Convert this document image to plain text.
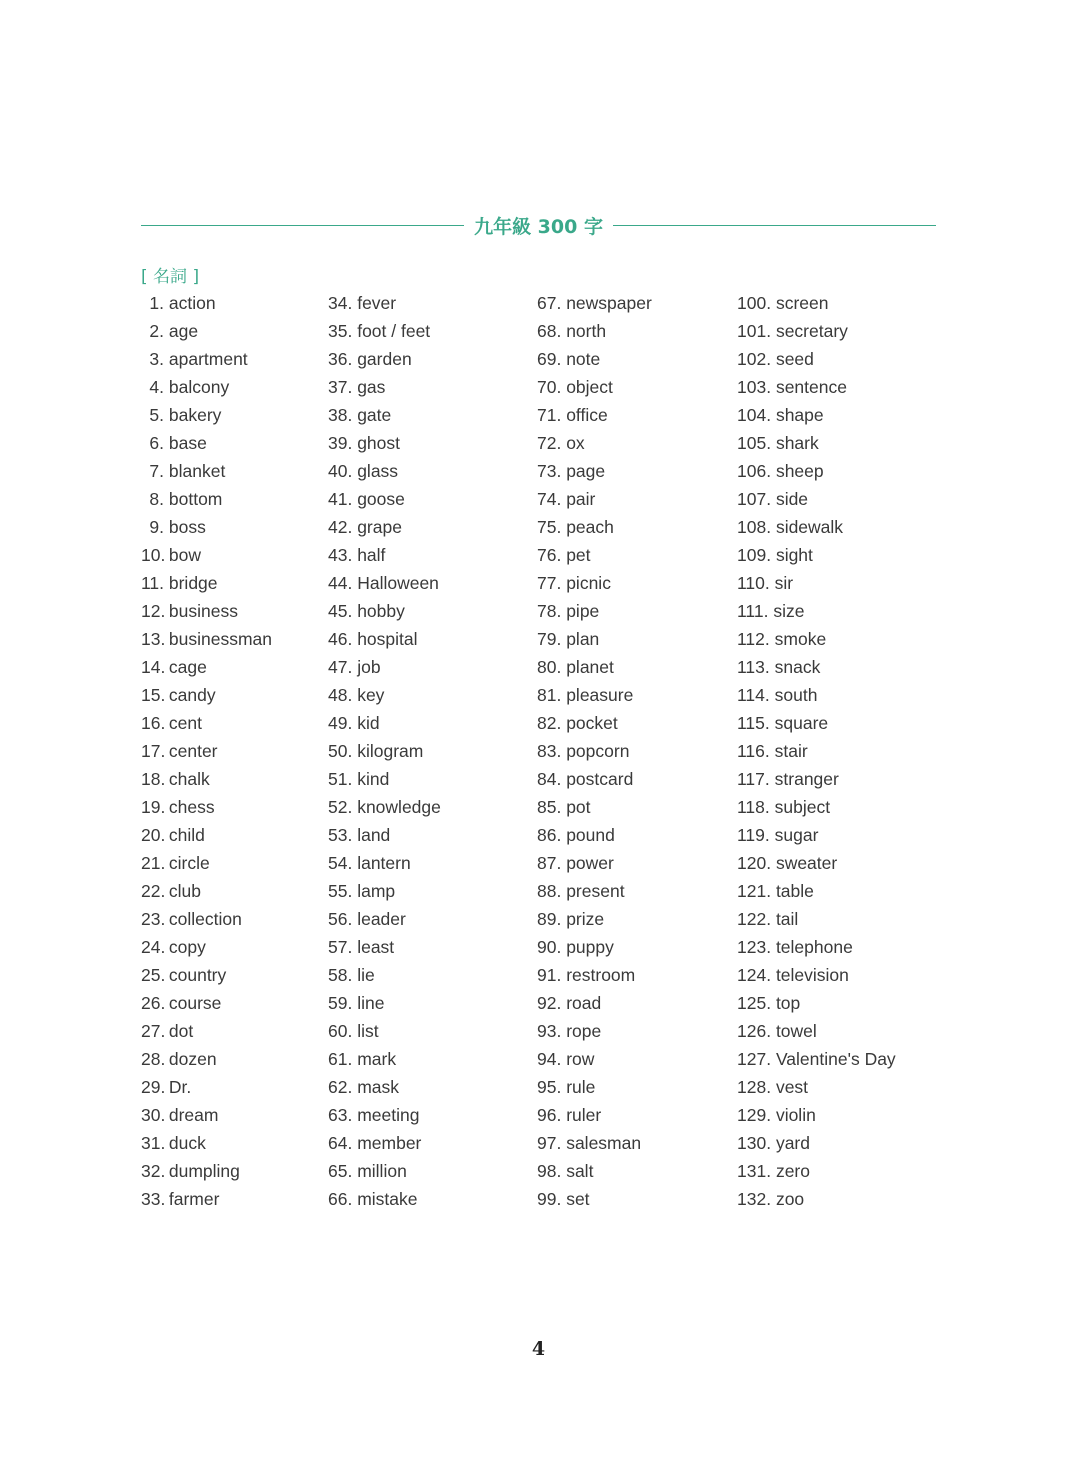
九年級 300 字
[ 名詞 ]
1. action
2. age
3. apartment
4. balcony
5. bakery
6. base
7. blanket
8. bottom
9. boss
10. bow
11. bridge
12. business
13. businessman
14. cage
15. candy
16. cent
17. center
18. chalk
19. chess
20. child
21. circle
22. club
23. collection
24. copy
25. country
26. course
27. dot
28. dozen
29. Dr.
30. dream
31. duck
32. dumpling
33. farmer
34. fever
35. foot / feet
36. garden
37. gas
38. gate
39. ghost
40. glass
41. goose
42. grape
43. half
44. Halloween
45. hobby
46. hospital
47. job
48. key
49. kid
50. kilogram
51. kind
52. knowledge
53. land
54. lantern
55. lamp
56. leader
57. least
58. lie
59. line
60. list
61. mark
62. mask
63. meeting
64. member
65. million
66. mistake
67. newspaper
68. north
69. note
70. object
71. office
72. ox
73. page
74. pair
75. peach
76. pet
77. picnic
78. pipe
79. plan
80. planet
81. pleasure
82. pocket
83. popcorn
84. postcard
85. pot
86. pound
87. power
88. present
89. prize
90. puppy
91. restroom
92. road
93. rope
94. row
95. rule
96. ruler
97. salesman
98. salt
99. set
100. screen
101. secretary
102. seed
103. sentence
104. shape
105. shark
106. sheep
107. side
108. sidewalk
109. sight
110. sir
111. size
112. smoke
113. snack
114. south
115. square
116. stair
117. stranger
118. subject
119. sugar
120. sweater
121. table
122. tail
123. telephone
124. television
125. top
126. towel
127. Valentine's Day
128. vest
129. violin
130. yard
131. zero
132. zoo
4
